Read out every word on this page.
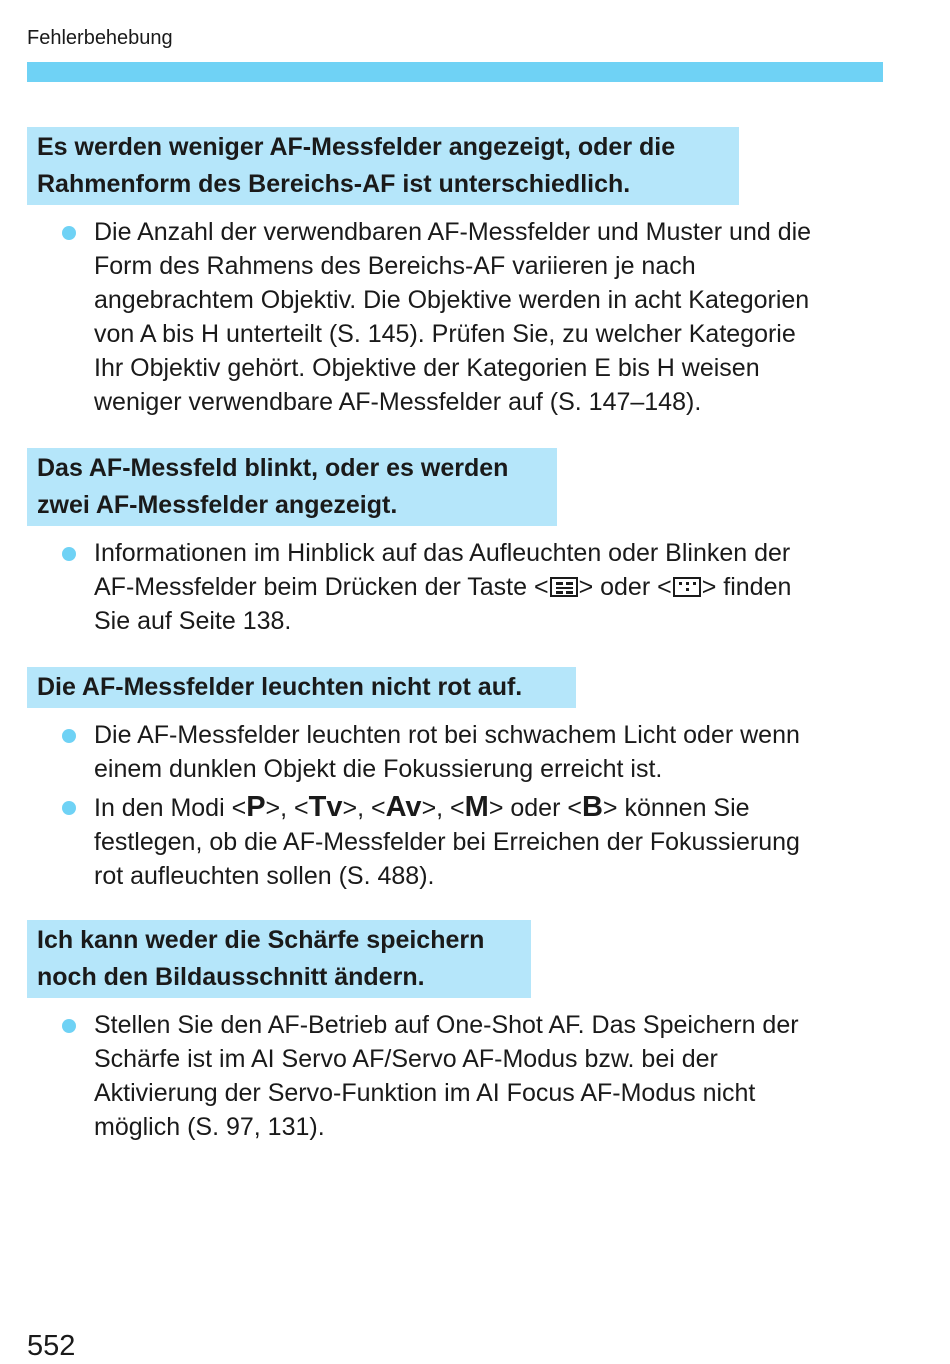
Fehlerbehebung
Es werden weniger AF-Messfelder angezeigt, oder die
Rahmenform des Bereichs-AF ist unterschiedlich.
Die Anzahl der verwendbaren AF-Messfelder und Muster und die
Form des Rahmens des Bereichs-AF variieren je nach
angebrachtem Objektiv. Die Objektive werden in acht Kategorien
von A bis H unterteilt (S. 145). Prüfen Sie, zu welcher Kategorie
Ihr Objektiv gehört. Objektive der Kategorien E bis H weisen
weniger verwendbare AF-Messfelder auf (S. 147–148).
Das AF-Messfeld blinkt, oder es werden
zwei AF-Messfelder angezeigt.
Informationen im Hinblick auf das Aufleuchten oder Blinken der
AF-Messfelder beim Drücken der Taste < > oder < > finden
Sie auf Seite 138.
Die AF-Messfelder leuchten nicht rot auf.
Die AF-Messfelder leuchten rot bei schwachem Licht oder wenn
einem dunklen Objekt die Fokussierung erreicht ist.
In den Modi <P>, <Tv>, <Av>, <M> oder <B> können Sie
festlegen, ob die AF-Messfelder bei Erreichen der Fokussierung
rot aufleuchten sollen (S. 488).
Ich kann weder die Schärfe speichern
noch den Bildausschnitt ändern.
Stellen Sie den AF-Betrieb auf One-Shot AF. Das Speichern der
Schärfe ist im AI Servo AF/Servo AF-Modus bzw. bei der
Aktivierung der Servo-Funktion im AI Focus AF-Modus nicht
möglich (S. 97, 131).
552
